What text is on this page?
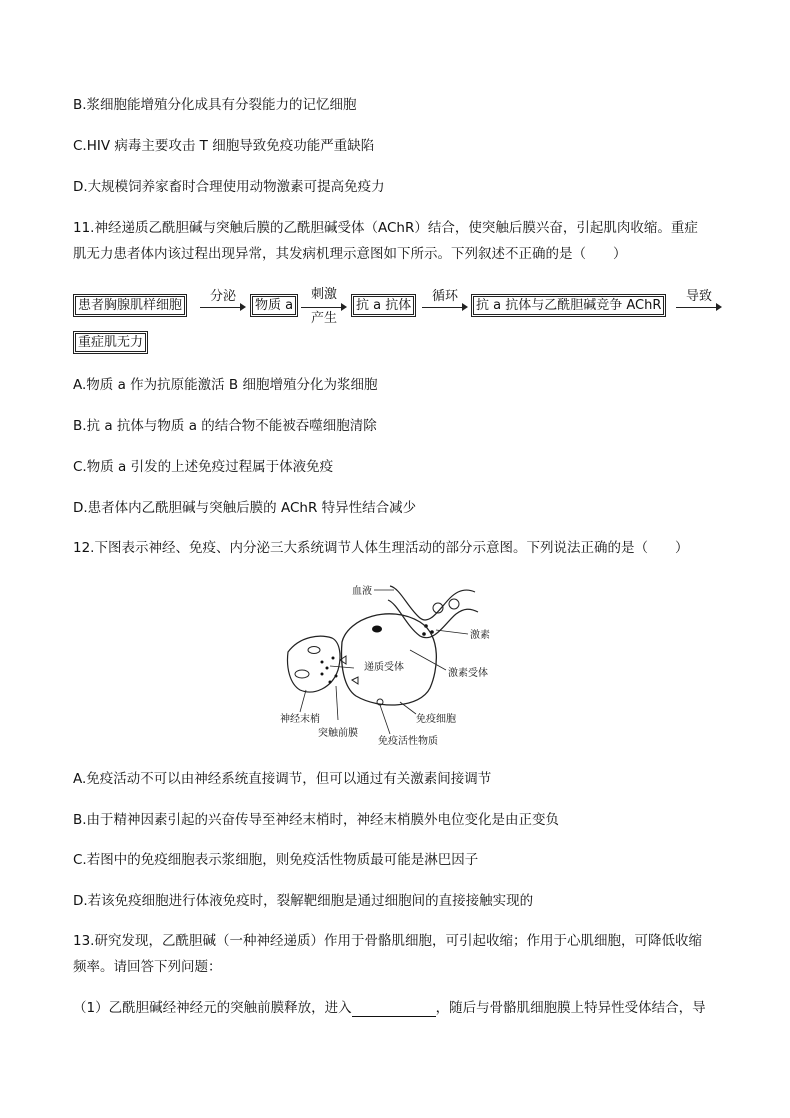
B.浆细胞能增殖分化成具有分裂能力的记忆细胞
C.HIV 病毒主要攻击 T 细胞导致免疫功能严重缺陷
D.大规模饲养家畜时合理使用动物激素可提高免疫力
11.神经递质乙酰胆碱与突触后膜的乙酰胆碱受体（AChR）结合，使突触后膜兴奋，引起肌肉收缩。重症
肌无力患者体内该过程出现异常，其发病机理示意图如下所示。下列叙述不正确的是（　　）
患者胸腺肌样细胞
分泌
物质 a
刺激
产生
抗 a 抗体
循环
抗 a 抗体与乙酰胆碱竞争 AChR
导致
重症肌无力
A.物质 a 作为抗原能激活 B 细胞增殖分化为浆细胞
B.抗 a 抗体与物质 a 的结合物不能被吞噬细胞清除
C.物质 a 引发的上述免疫过程属于体液免疫
D.患者体内乙酰胆碱与突触后膜的 AChR 特异性结合减少
12.下图表示神经、免疫、内分泌三大系统调节人体生理活动的部分示意图。下列说法正确的是（　　）
血液
激素
递质受体
激素受体
神经末梢	免疫细胞
突触前膜
免疫活性物质
A.免疫活动不可以由神经系统直接调节，但可以通过有关激素间接调节
B.由于精神因素引起的兴奋传导至神经末梢时，神经末梢膜外电位变化是由正变负
C.若图中的免疫细胞表示浆细胞，则免疫活性物质最可能是淋巴因子
D.若该免疫细胞进行体液免疫时，裂解靶细胞是通过细胞间的直接接触实现的
13.研究发现，乙酰胆碱（一种神经递质）作用于骨骼肌细胞，可引起收缩；作用于心肌细胞，可降低收缩
频率。请回答下列问题：
（1）乙酰胆碱经神经元的突触前膜释放，进入	，随后与骨骼肌细胞膜上特异性受体结合，导
